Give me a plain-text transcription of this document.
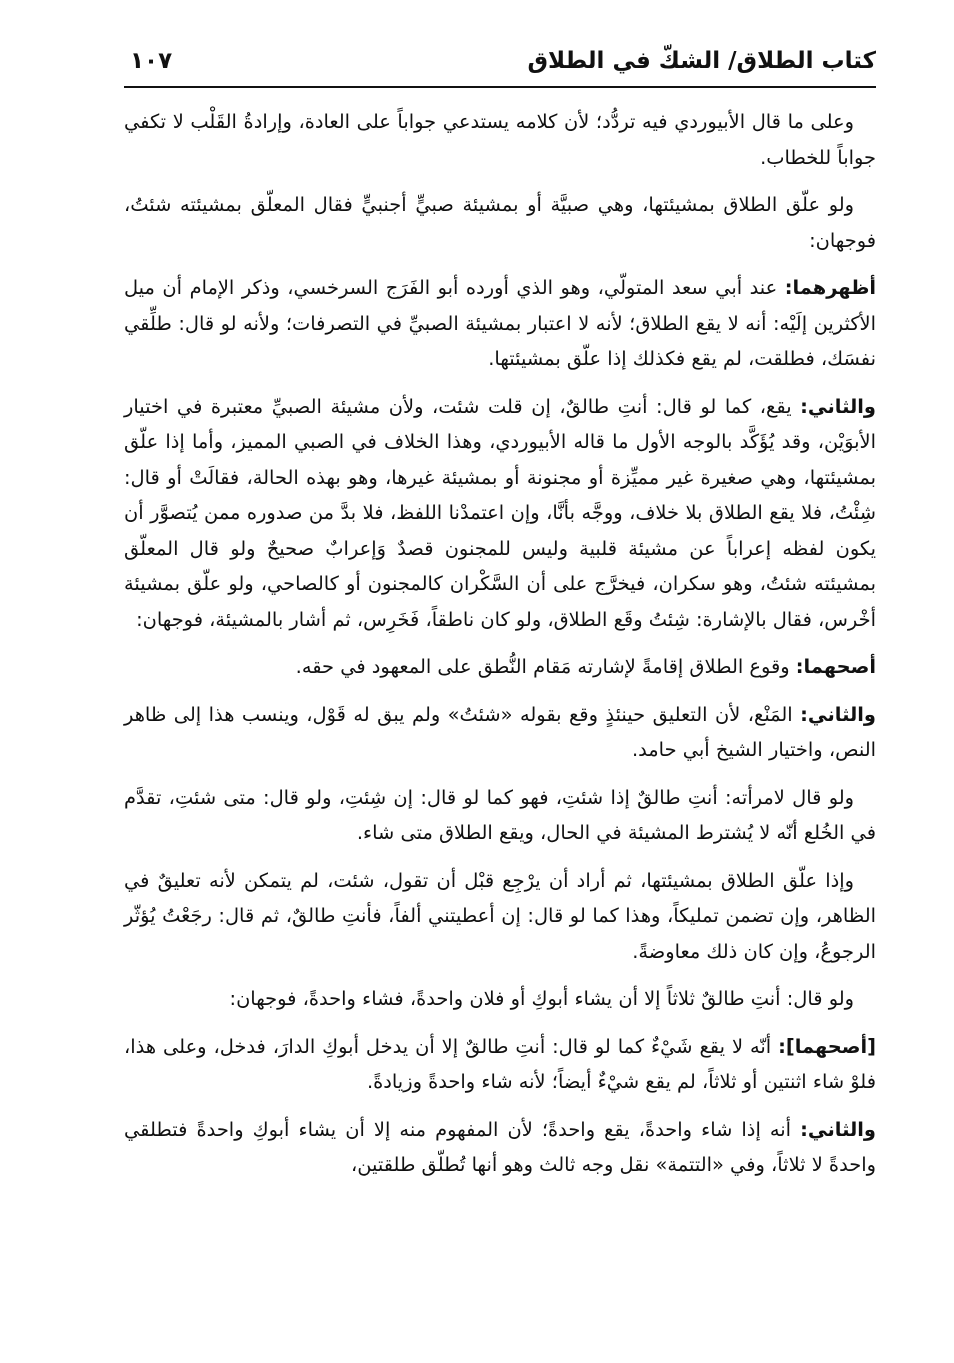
كتاب الطلاق/ الشكّ في الطلاق
١٠٧

وعلى ما قال الأبيوردي فيه تردُّد؛ لأن كلامه يستدعي جواباً على العادة، وإرادةُ القَلْب لا تكفي جواباً للخطاب.

ولو علّق الطلاق بمشيئتها، وهي صبيَّة أو بمشيئة صبيٍّ أجنبيٍّ فقال المعلّق بمشيئته شئتُ، فوجهان:

أظهرهما: عند أبي سعد المتولّي، وهو الذي أورده أبو الفَرَج السرخسي، وذكر الإمام أن ميل الأكثرين إلَيْه: أنه لا يقع الطلاق؛ لأنه لا اعتبار بمشيئة الصبيِّ في التصرفات؛ ولأنه لو قال: طلِّقي نفسَك، فطلقت، لم يقع فكذلك إذا علّق بمشيئتها.

والثاني: يقع، كما لو قال: أنتِ طالقٌ، إن قلت شئت، ولأن مشيئة الصبيِّ معتبرة في اختيار الأبوَيْن، وقد يُؤَكَّد بالوجه الأول ما قاله الأبيوردي، وهذا الخلاف في الصبي المميز، وأما إذا علّق بمشيئتها، وهي صغيرة غير مميِّزة أو مجنونة أو بمشيئة غيرها، وهو بهذه الحالة، فقالَتْ أو قال: شِئْتُ، فلا يقع الطلاق بلا خلاف، ووجَّه بأنَّا، وإن اعتمدْنا اللفظ، فلا بدَّ من صدوره ممن يُتصوَّر أن يكون لفظه إعراباً عن مشيئة قلبية وليس للمجنون قصدٌ وَإعرابٌ صحيحٌ ولو قال المعلّق بمشيئته شئتُ، وهو سكران، فيخرَّج على أن السَّكْران كالمجنون أو كالصاحي، ولو علّق بمشيئة أخْرس، فقال بالإشارة: شِئتُ وقَع الطلاق، ولو كان ناطقاً، فَخَرِس، ثم أشار بالمشيئة، فوجهان:

أصحهما: وقوع الطلاق إقامةً لإشارته مَقام النُّطق على المعهود في حقه.

والثاني: المَنْع، لأن التعليق حينئذٍ وقع بقوله «شئتُ» ولم يبق له قَوْل، وينسب هذا إلى ظاهر النص، واختيار الشيخ أبي حامد.

ولو قال لامرأته: أنتِ طالقٌ إذا شئتِ، فهو كما لو قال: إن شِئتِ، ولو قال: متى شئتِ، تقدَّم في الخُلع أنّه لا يُشترط المشيئة في الحال، ويقع الطلاق متى شاء.

وإذا علّق الطلاق بمشيئتها، ثم أراد أن يرْجِع قبْل أن تقول، شئت، لم يتمكن لأنه تعليقٌ في الظاهر، وإن تضمن تمليكاً، وهذا كما لو قال: إن أعطيتني ألفاً، فأنتِ طالقٌ، ثم قال: رجَعْتُ يُؤثّر الرجوعُ، وإن كان ذلك معاوضةً.

ولو قال: أنتِ طالقٌ ثلاثاً إلا أن يشاء أبوكِ أو فلان واحدةً، فشاء واحدةً، فوجهان:

[أصحهما]: أنّه لا يقع شَيْءٌ كما لو قال: أنتِ طالقٌ إلا أن يدخل أبوكِ الدارَ، فدخل، وعلى هذا، فلوْ شاء اثنتين أو ثلاثاً، لم يقع شيْءٌ أيضاً؛ لأنه شاء واحدةً وزيادةً.

والثاني: أنه إذا شاء واحدةً، يقع واحدةً؛ لأن المفهوم منه إلا أن يشاء أبوكِ واحدةً فتطلقي واحدةً لا ثلاثاً، وفي «التتمة» نقل وجه ثالث وهو أنها تُطلّق طلقتين،
